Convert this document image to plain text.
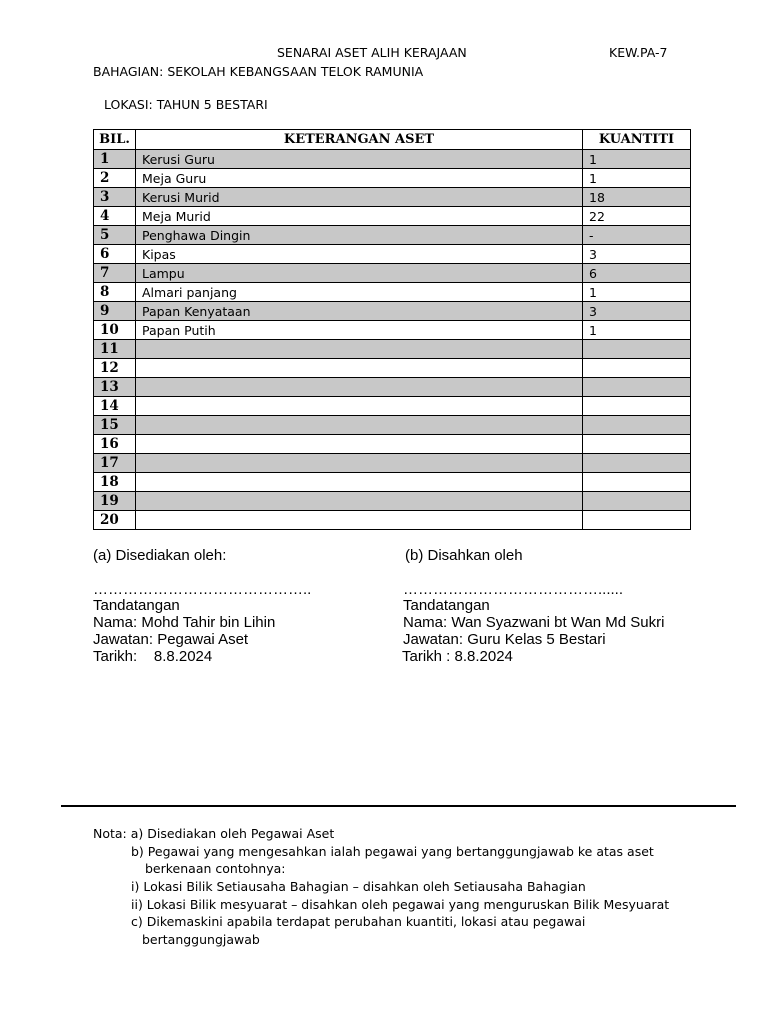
SENARAI ASET ALIH KERAJAAN	KEW.PA-7
BAHAGIAN: SEKOLAH KEBANGSAAN TELOK RAMUNIA
LOKASI: TAHUN 5 BESTARI
BIL.	KETERANGAN ASET	KUANTITI
1	Kerusi Guru	1
2	Meja Guru	1
3	Kerusi Murid	18
4	Meja Murid	22
5	Penghawa Dingin	-
6	Kipas	3
7	Lampu	6
8	Almari panjang	1
9	Papan Kenyataan	3
10	Papan Putih	1
11		
12		
13		
14		
15		
16		
17		
18		
19		
20		
(a) Disediakan oleh:
……………………………………..
Tandatangan
Nama: Mohd Tahir bin Lihin
Jawatan: Pegawai Aset
Tarikh:    8.8.2024
(b) Disahkan oleh
…………………………………......
Tandatangan
Nama: Wan Syazwani bt Wan Md Sukri
Jawatan: Guru Kelas 5 Bestari
Tarikh : 8.8.2024
Nota: a) Disediakan oleh Pegawai Aset
b) Pegawai yang mengesahkan ialah pegawai yang bertanggungjawab ke atas aset
berkenaan contohnya:
i) Lokasi Bilik Setiausaha Bahagian – disahkan oleh Setiausaha Bahagian
ii) Lokasi Bilik mesyuarat – disahkan oleh pegawai yang menguruskan Bilik Mesyuarat
c) Dikemaskini apabila terdapat perubahan kuantiti, lokasi atau pegawai
bertanggungjawab
